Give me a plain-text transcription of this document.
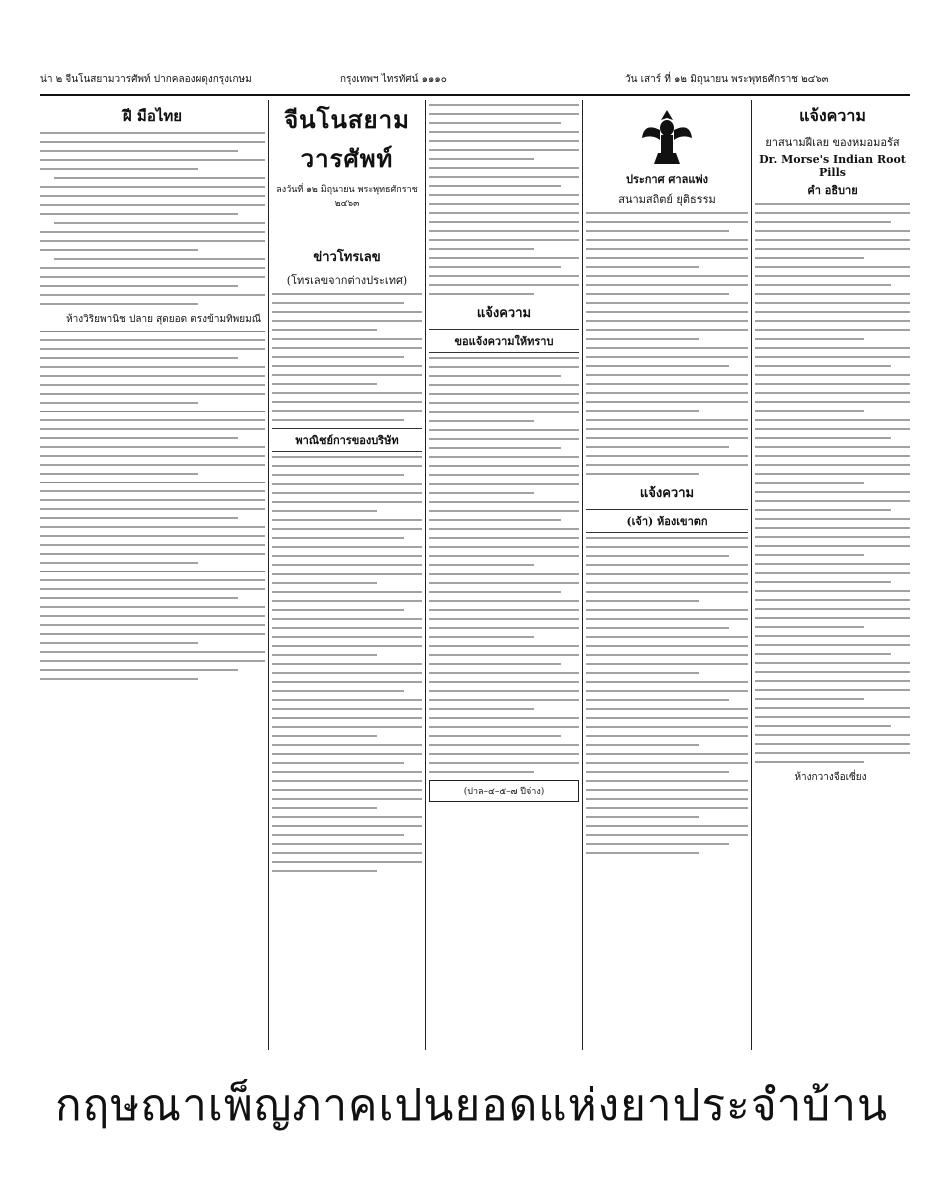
น่า ๒ จีนโนสยามวารศัพท์ ปากคลองผดุงกรุงเกษม	กรุงเทพฯ ไทรทัศน์ ๑๑๑๐	วัน เสาร์ ที่ ๑๒ มิถุนายน พระพุทธศักราช ๒๔๖๓
ฝี มือไทย
ห้างวิริยพานิช ปลาย สุดยอด ตรงข้ามทิพยมณี
จีนโนสยามวารศัพท์
ลงวันที่ ๑๒ มิถุนายน พระพุทธศักราช ๒๔๖๓
ข่าวโทรเลข
(โทรเลขจากต่างประเทศ)
พาณิชย์การของบริษัท
แจ้งความ
ขอแจ้งความให้ทราบ
(ปาล–๔–๕–๗ ปีจ่าง)
ประกาศ ศาลแพ่ง
สนามสถิตย์ ยุติธรรม
แจ้งความ
(เจ้า) ห้องเขาตก
แจ้งความ
ยาสนามฝีเลย ของหมอมอรัส
Dr. Morse's Indian Root Pills
คำ อธิบาย
ห้างกวางจือเซี่ยง
กฤษณาเพ็ญภาคเปนยอดแห่งยาประจำบ้าน
